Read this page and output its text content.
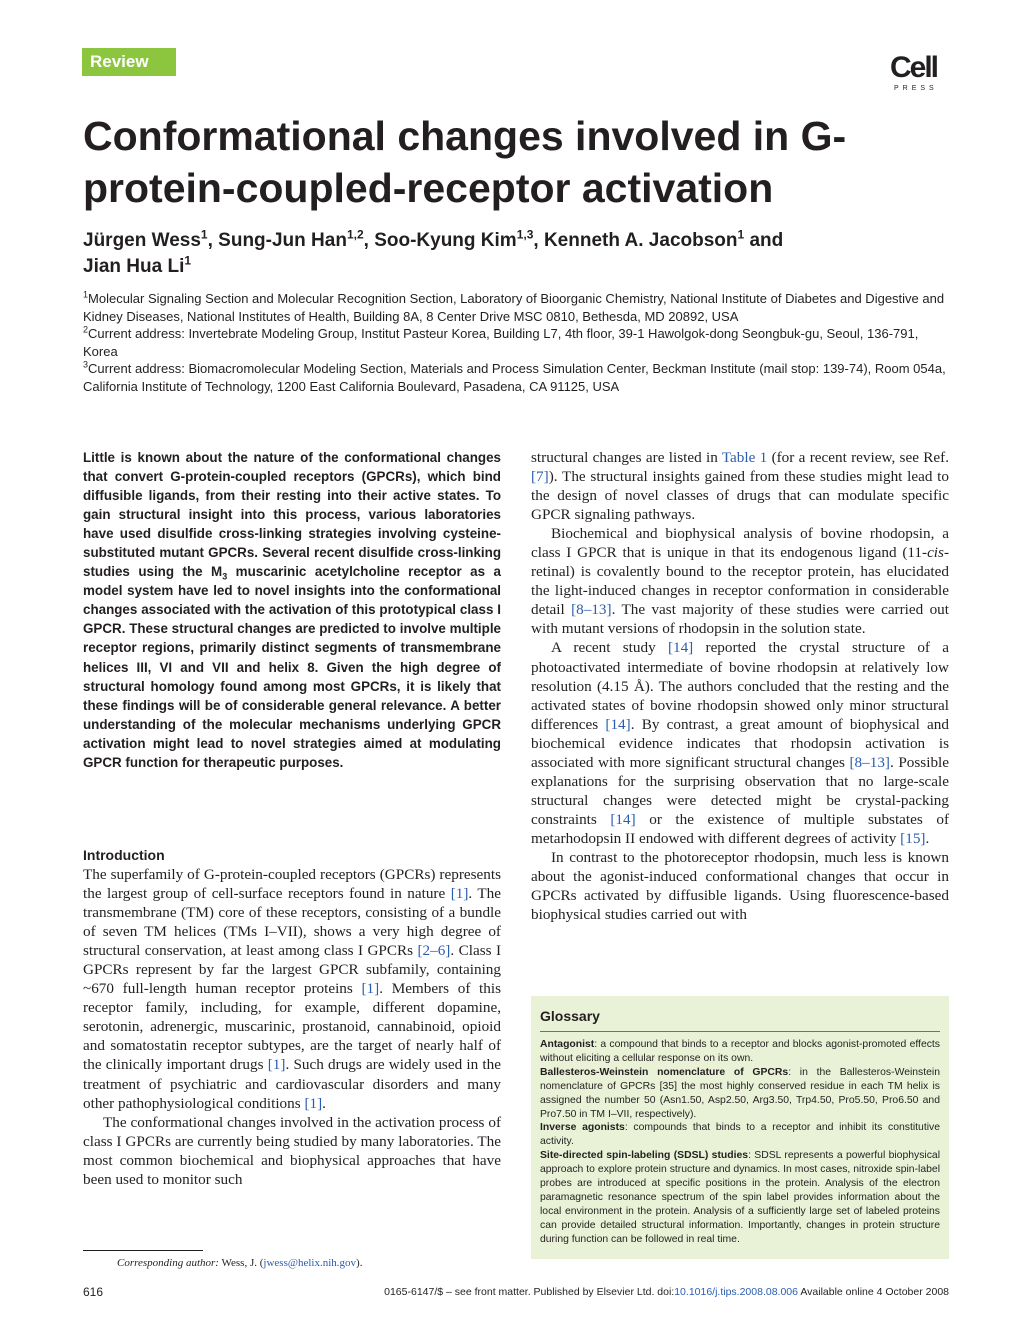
Review	Cell
PRESS
Conformational changes involved in G-protein-coupled-receptor activation
Jürgen Wess$^1$, Sung-Jun Han$^{1,2}$, Soo-Kyung Kim$^{1,3}$, Kenneth A. Jacobson$^1$ and
Jian Hua Li$^1$

$^1$Molecular Signaling Section and Molecular Recognition Section, Laboratory of Bioorganic Chemistry, National Institute of Diabetes and Digestive and Kidney Diseases, National Institutes of Health, Building 8A, 8 Center Drive MSC 0810, Bethesda, MD 20892, USA

$^2$Current address: Invertebrate Modeling Group, Institut Pasteur Korea, Building L7, 4th floor, 39-1 Hawolgok-dong Seongbuk-gu, Seoul, 136-791, Korea

$^3$Current address: Biomacromolecular Modeling Section, Materials and Process Simulation Center, Beckman Institute (mail stop: 139-74), Room 054a, California Institute of Technology, 1200 East California Boulevard, Pasadena, CA 91125, USA

Little is known about the nature of the conformational changes that convert G-protein-coupled receptors (GPCRs), which bind diffusible ligands, from their resting into their active states. To gain structural insight into this process, various laboratories have used disulfide cross-linking strategies involving cysteine-substituted mutant GPCRs. Several recent disulfide cross-linking studies using the $M_3$ muscarinic acetylcholine receptor as a model system have led to novel insights into the conformational changes associated with the activation of this prototypical class I GPCR. These structural changes are predicted to involve multiple receptor regions, primarily distinct segments of transmembrane helices III, VI and VII and helix 8. Given the high degree of structural homology found among most GPCRs, it is likely that these findings will be of considerable general relevance. A better understanding of the molecular mechanisms underlying GPCR activation might lead to novel strategies aimed at modulating GPCR function for therapeutic purposes.

Introduction

The superfamily of G-protein-coupled receptors (GPCRs) represents the largest group of cell-surface receptors found in nature [1]. The transmembrane (TM) core of these receptors, consisting of a bundle of seven TM helices (TMs I–VII), shows a very high degree of structural conservation, at least among class I GPCRs [2–6]. Class I GPCRs represent by far the largest GPCR subfamily, containing ~670 full-length human receptor proteins [1]. Members of this receptor family, including, for example, different dopamine, serotonin, adrenergic, muscarinic, prostanoid, cannabinoid, opioid and somatostatin receptor subtypes, are the target of nearly half of the clinically important drugs [1]. Such drugs are widely used in the treatment of psychiatric and cardiovascular disorders and many other pathophysiological conditions [1].

The conformational changes involved in the activation process of class I GPCRs are currently being studied by many laboratories. The most common biochemical and biophysical approaches that have been used to monitor such

structural changes are listed in Table 1 (for a recent review, see Ref. [7]). The structural insights gained from these studies might lead to the design of novel classes of drugs that can modulate specific GPCR signaling pathways.

Biochemical and biophysical analysis of bovine rhodopsin, a class I GPCR that is unique in that its endogenous ligand (11-cis-retinal) is covalently bound to the receptor protein, has elucidated the light-induced changes in receptor conformation in considerable detail [8–13]. The vast majority of these studies were carried out with mutant versions of rhodopsin in the solution state.

A recent study [14] reported the crystal structure of a photoactivated intermediate of bovine rhodopsin at relatively low resolution (4.15 Å). The authors concluded that the resting and the activated states of bovine rhodopsin showed only minor structural differences [14]. By contrast, a great amount of biophysical and biochemical evidence indicates that rhodopsin activation is associated with more significant structural changes [8–13]. Possible explanations for the surprising observation that no large-scale structural changes were detected might be crystal-packing constraints [14] or the existence of multiple substates of metarhodopsin II endowed with different degrees of activity [15].

In contrast to the photoreceptor rhodopsin, much less is known about the agonist-induced conformational changes that occur in GPCRs activated by diffusible ligands. Using fluorescence-based biophysical studies carried out with

Glossary

Antagonist: a compound that binds to a receptor and blocks agonist-promoted effects without eliciting a cellular response on its own.

Ballesteros-Weinstein nomenclature of GPCRs: in the Ballesteros-Weinstein nomenclature of GPCRs [35] the most highly conserved residue in each TM helix is assigned the number 50 (Asn1.50, Asp2.50, Arg3.50, Trp4.50, Pro5.50, Pro6.50 and Pro7.50 in TM I–VII, respectively).

Inverse agonists: compounds that binds to a receptor and inhibit its constitutive activity.

Site-directed spin-labeling (SDSL) studies: SDSL represents a powerful biophysical approach to explore protein structure and dynamics. In most cases, nitroxide spin-label probes are introduced at specific positions in the protein. Analysis of the electron paramagnetic resonance spectrum of the spin label provides information about the local environment in the protein. Analysis of a sufficiently large set of labeled proteins can provide detailed structural information. Importantly, changes in protein structure during function can be followed in real time.

Corresponding author: Wess, J. (jwess@helix.nih.gov).
616	0165-6147/$ – see front matter. Published by Elsevier Ltd. doi:10.1016/j.tips.2008.08.006 Available online 4 October 2008
